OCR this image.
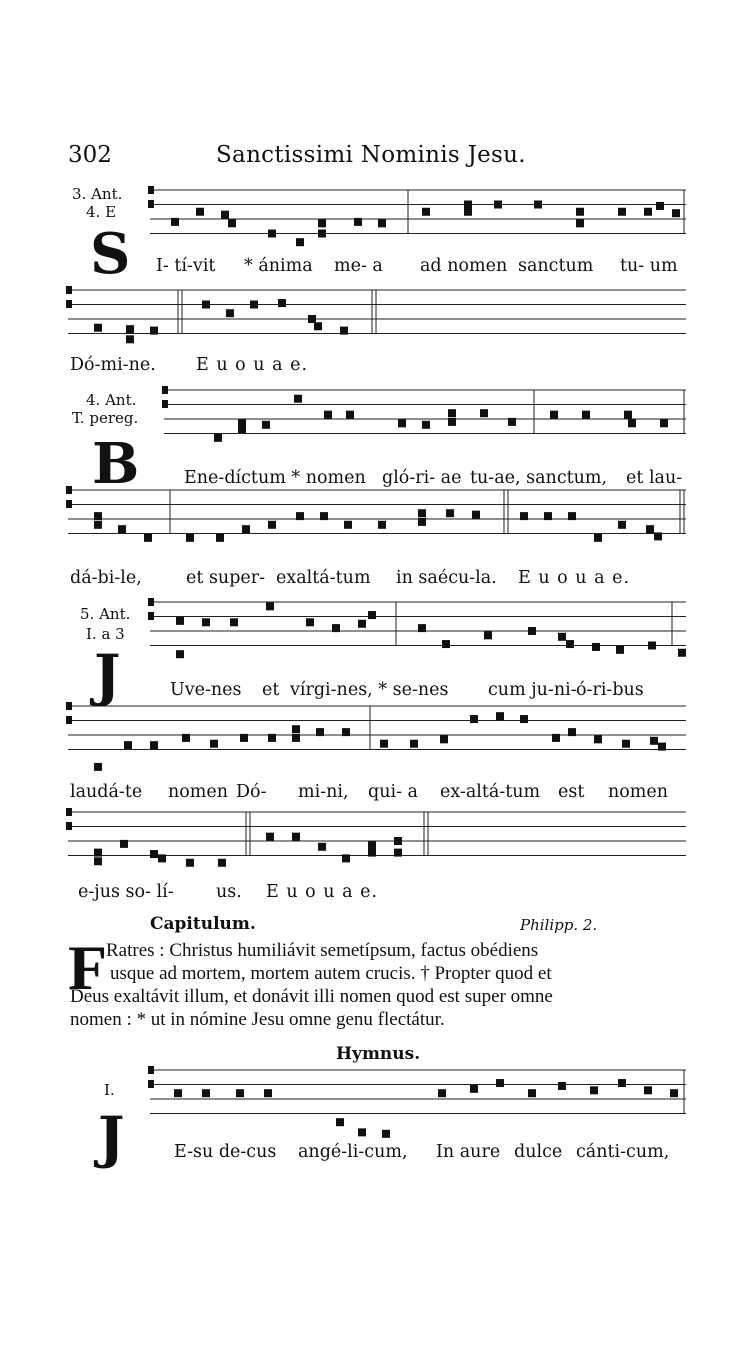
302	Sanctissimi Nominis Jesu.
3. Ant.
4. E
S I- tí-vit * ánima me- a ad nomen sanctum tu- um
Dó-mi-ne. E u o u a e.
4. Ant.
T. pereg.
B	Ene-díctum * nomen gló-ri- ae tu-ae, sanctum, et lau-
dá-bi-le,	et super- exaltá-tum in saécu-la. E u o u a e.
5. Ant.
I. a 3
J	Uve-nes et vírgi-nes, * se-nes cum ju-ni- ó-ri-bus
laudá-te nomen Dó- mi-ni, qui- a ex-altá-tum est nomen
e-jus so- lí- us. E u o u a e.
Capitulum.	Philipp. 2.
F
Ratres : Christus humiliávit semetípsum, factus obédiens
usque ad mortem, mortem autem crucis. † Propter quod et
Deus exaltávit illum, et donávit illi nomen quod est super omne
nomen : * ut in nómine Jesu omne genu flectátur.
Hymnus.
I.
J	E-su de-cus angé-li-cum, In aure dulce cánti-cum,
